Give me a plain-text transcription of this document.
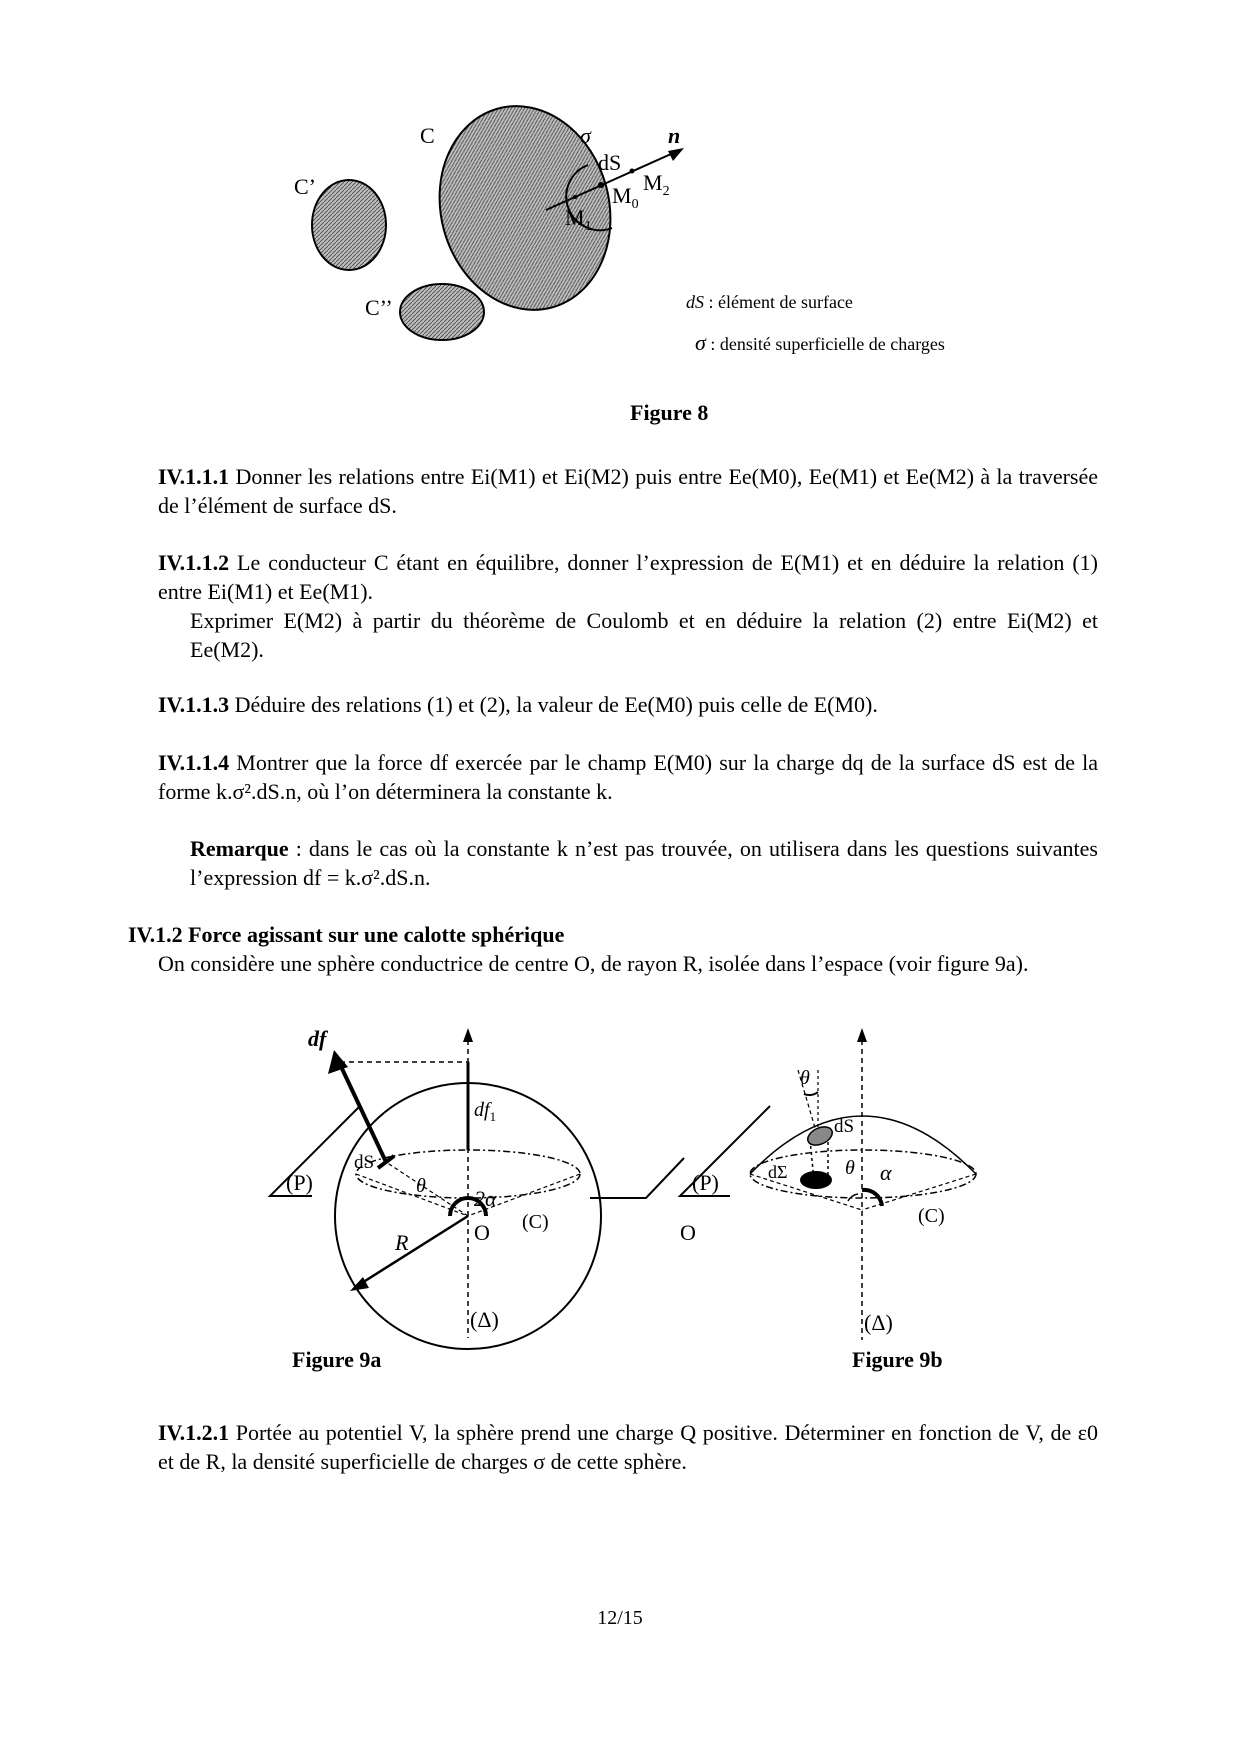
C
C’
C’’
σ	n
dS
$M_0$
$M_2$
$M_1$
dS : élément de surface
σ : densité superficielle de charges
Figure 8
IV.1.1.1 Donner les relations entre Ei(M1) et Ei(M2) puis entre Ee(M0), Ee(M1) et Ee(M2) à la traversée de l’élément de surface dS.
IV.1.1.2 Le conducteur C étant en équilibre, donner l’expression de E(M1) et en déduire la relation (1) entre Ei(M1) et Ee(M1).
Exprimer E(M2) à partir du théorème de Coulomb et en déduire la relation (2) entre Ei(M2) et Ee(M2).
IV.1.1.3 Déduire des relations (1) et (2), la valeur de Ee(M0) puis celle de E(M0).
IV.1.1.4 Montrer que la force df exercée par le champ E(M0) sur la charge dq de la surface dS est de la forme k.σ².dS.n, où l’on déterminera la constante k.
Remarque : dans le cas où la constante k n’est pas trouvée, on utilisera dans les questions suivantes l’expression df = k.σ².dS.n.
IV.1.2 Force agissant sur une calotte sphérique
On considère une sphère conductrice de centre O, de rayon R, isolée dans l’espace (voir figure 9a).
df
$df_1$
dS
θ 2α
(P)
O
R
(C)
(Δ)
Figure 9a
θ
dS
dΣ	θ α
(P)
O
(C)
(Δ)
Figure 9b
IV.1.2.1 Portée au potentiel V, la sphère prend une charge Q positive. Déterminer en fonction de V, de ε0 et de R, la densité superficielle de charges σ de cette sphère.
12/15
